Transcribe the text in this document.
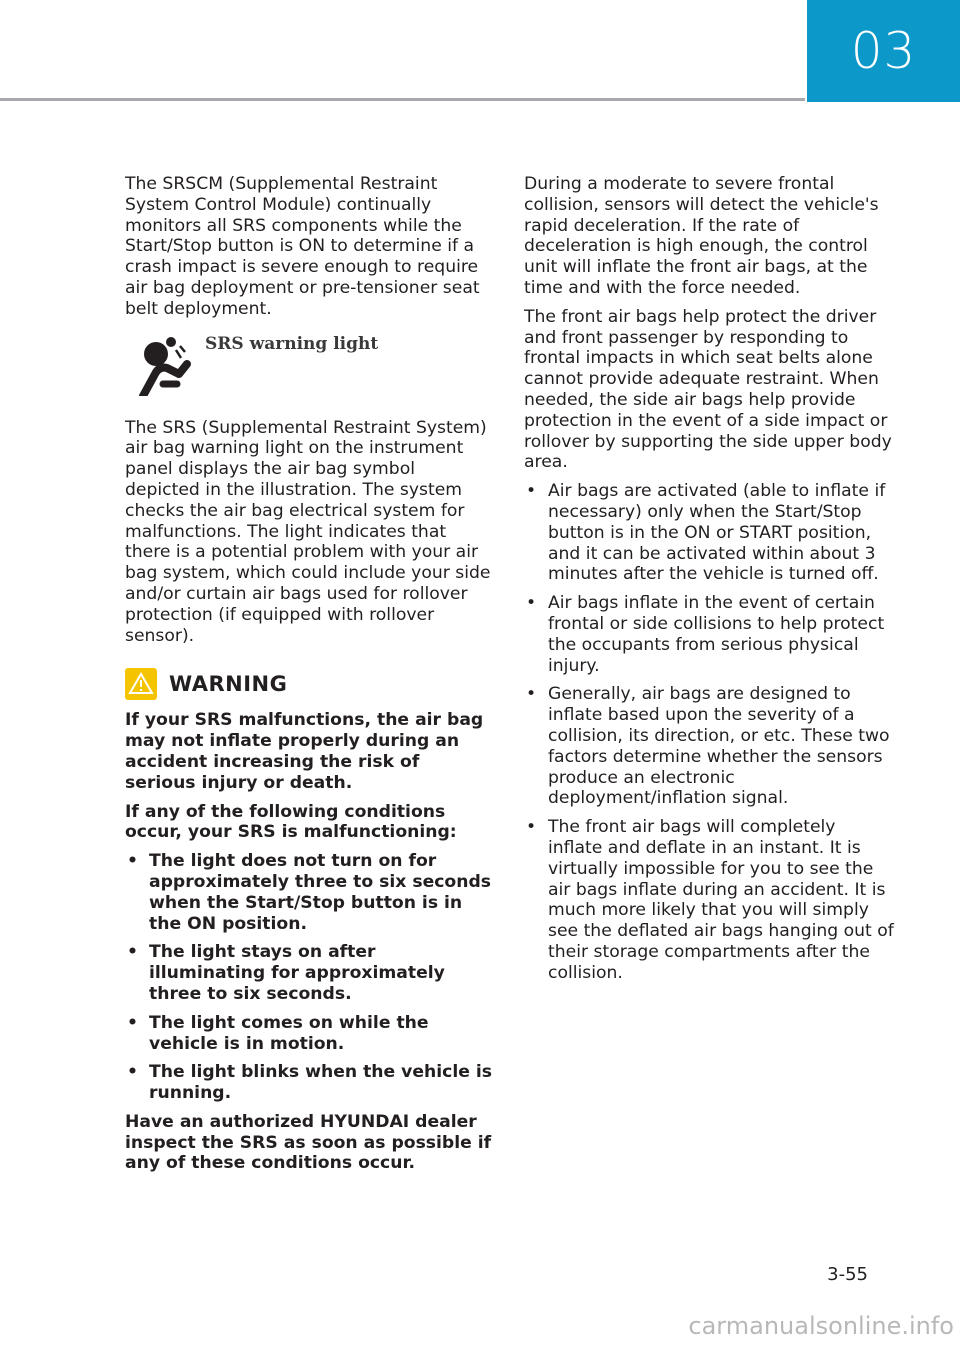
03

The SRSCM (Supplemental Restraint System Control Module) continually monitors all SRS components while the Start/Stop button is ON to determine if a crash impact is severe enough to require air bag deployment or pre-tensioner seat belt deployment.

SRS warning light

The SRS (Supplemental Restraint System) air bag warning light on the instrument panel displays the air bag symbol depicted in the illustration. The system checks the air bag electrical system for malfunctions. The light indicates that there is a potential problem with your air bag system, which could include your side and/or curtain air bags used for rollover protection (if equipped with rollover sensor).

WARNING

If your SRS malfunctions, the air bag may not inflate properly during an accident increasing the risk of serious injury or death.

If any of the following conditions occur, your SRS is malfunctioning:

• The light does not turn on for approximately three to six seconds when the Start/Stop button is in the ON position.
• The light stays on after illuminating for approximately three to six seconds.
• The light comes on while the vehicle is in motion.
• The light blinks when the vehicle is running.

Have an authorized HYUNDAI dealer inspect the SRS as soon as possible if any of these conditions occur.

During a moderate to severe frontal collision, sensors will detect the vehicle's rapid deceleration. If the rate of deceleration is high enough, the control unit will inflate the front air bags, at the time and with the force needed.

The front air bags help protect the driver and front passenger by responding to frontal impacts in which seat belts alone cannot provide adequate restraint. When needed, the side air bags help provide protection in the event of a side impact or rollover by supporting the side upper body area.

• Air bags are activated (able to inflate if necessary) only when the Start/Stop button is in the ON or START position, and it can be activated within about 3 minutes after the vehicle is turned off.
• Air bags inflate in the event of certain frontal or side collisions to help protect the occupants from serious physical injury.
• Generally, air bags are designed to inflate based upon the severity of a collision, its direction, or etc. These two factors determine whether the sensors produce an electronic deployment/inflation signal.
• The front air bags will completely inflate and deflate in an instant. It is virtually impossible for you to see the air bags inflate during an accident. It is much more likely that you will simply see the deflated air bags hanging out of their storage compartments after the collision.
3-55
carmanualsonline.info
